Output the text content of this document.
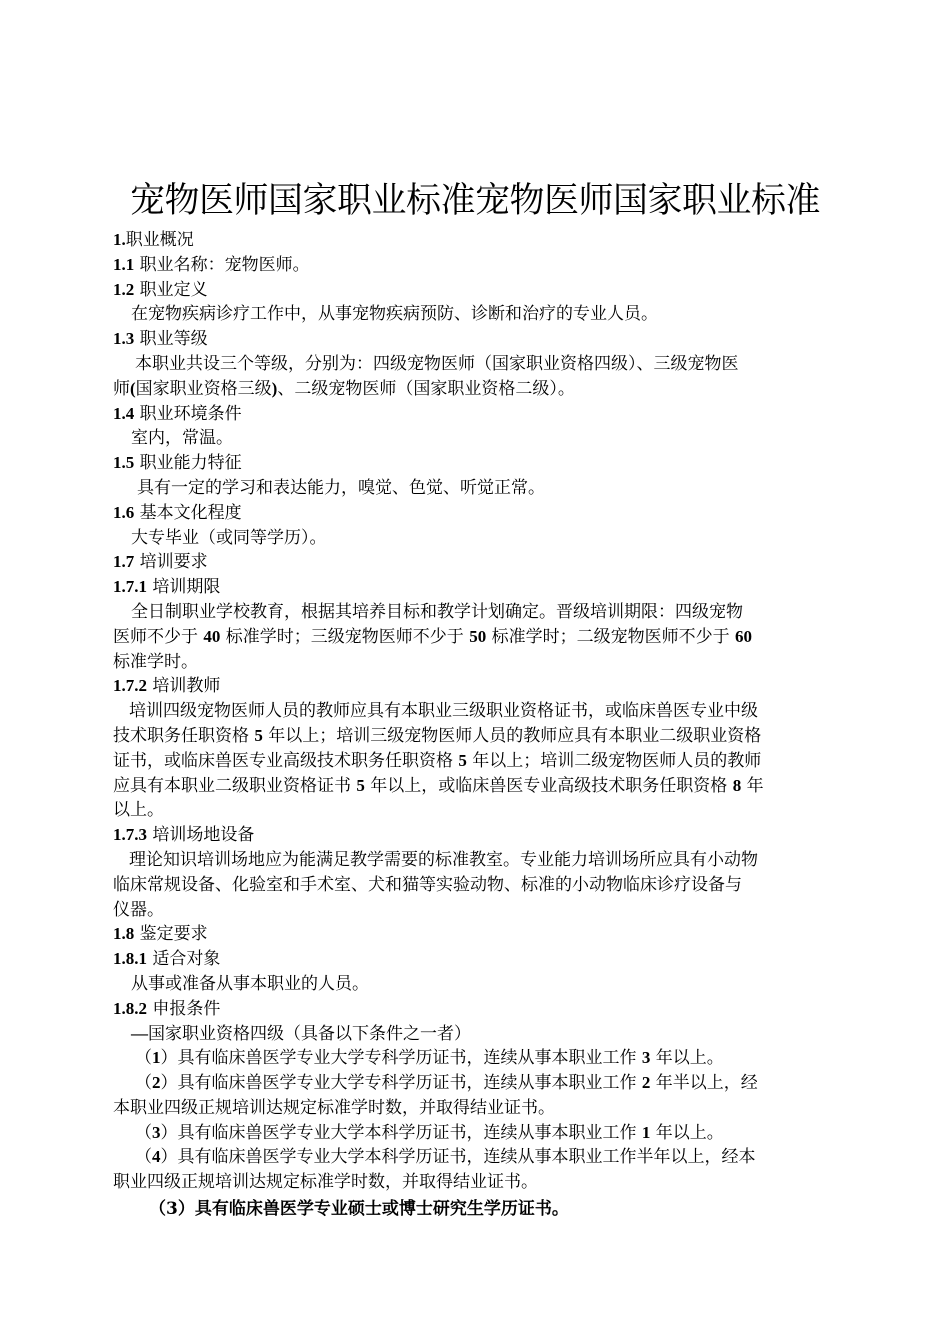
宠物医师国家职业标准宠物医师国家职业标准
1.职业概况
1.1 职业名称：宠物医师。
1.2 职业定义
在宠物疾病诊疗工作中，从事宠物疾病预防、诊断和治疗的专业人员。
1.3 职业等级
本职业共设三个等级，分别为：四级宠物医师（国家职业资格四级）、三级宠物医
师(国家职业资格三级)、二级宠物医师（国家职业资格二级）。
1.4 职业环境条件
室内，常温。
1.5 职业能力特征
具有一定的学习和表达能力，嗅觉、色觉、听觉正常。
1.6 基本文化程度
大专毕业（或同等学历）。
1.7 培训要求
1.7.1 培训期限
全日制职业学校教育，根据其培养目标和教学计划确定。晋级培训期限：四级宠物
医师不少于 40 标准学时；三级宠物医师不少于 50 标准学时；二级宠物医师不少于 60
标准学时。
1.7.2 培训教师
培训四级宠物医师人员的教师应具有本职业三级职业资格证书，或临床兽医专业中级
技术职务任职资格 5 年以上；培训三级宠物医师人员的教师应具有本职业二级职业资格
证书，或临床兽医专业高级技术职务任职资格 5 年以上；培训二级宠物医师人员的教师
应具有本职业二级职业资格证书 5 年以上，或临床兽医专业高级技术职务任职资格 8 年
以上。
1.7.3 培训场地设备
理论知识培训场地应为能满足教学需要的标准教室。专业能力培训场所应具有小动物
临床常规设备、化验室和手术室、犬和猫等实验动物、标准的小动物临床诊疗设备与
仪器。
1.8 鉴定要求
1.8.1 适合对象
从事或准备从事本职业的人员。
1.8.2 申报条件
—国家职业资格四级（具备以下条件之一者）
（1）具有临床兽医学专业大学专科学历证书，连续从事本职业工作 3 年以上。
（2）具有临床兽医学专业大学专科学历证书，连续从事本职业工作 2 年半以上，经
本职业四级正规培训达规定标准学时数，并取得结业证书。
（3）具有临床兽医学专业大学本科学历证书，连续从事本职业工作 1 年以上。
（4）具有临床兽医学专业大学本科学历证书，连续从事本职业工作半年以上，经本
职业四级正规培训达规定标准学时数，并取得结业证书。
（3）具有临床兽医学专业硕士或博士研究生学历证书。
